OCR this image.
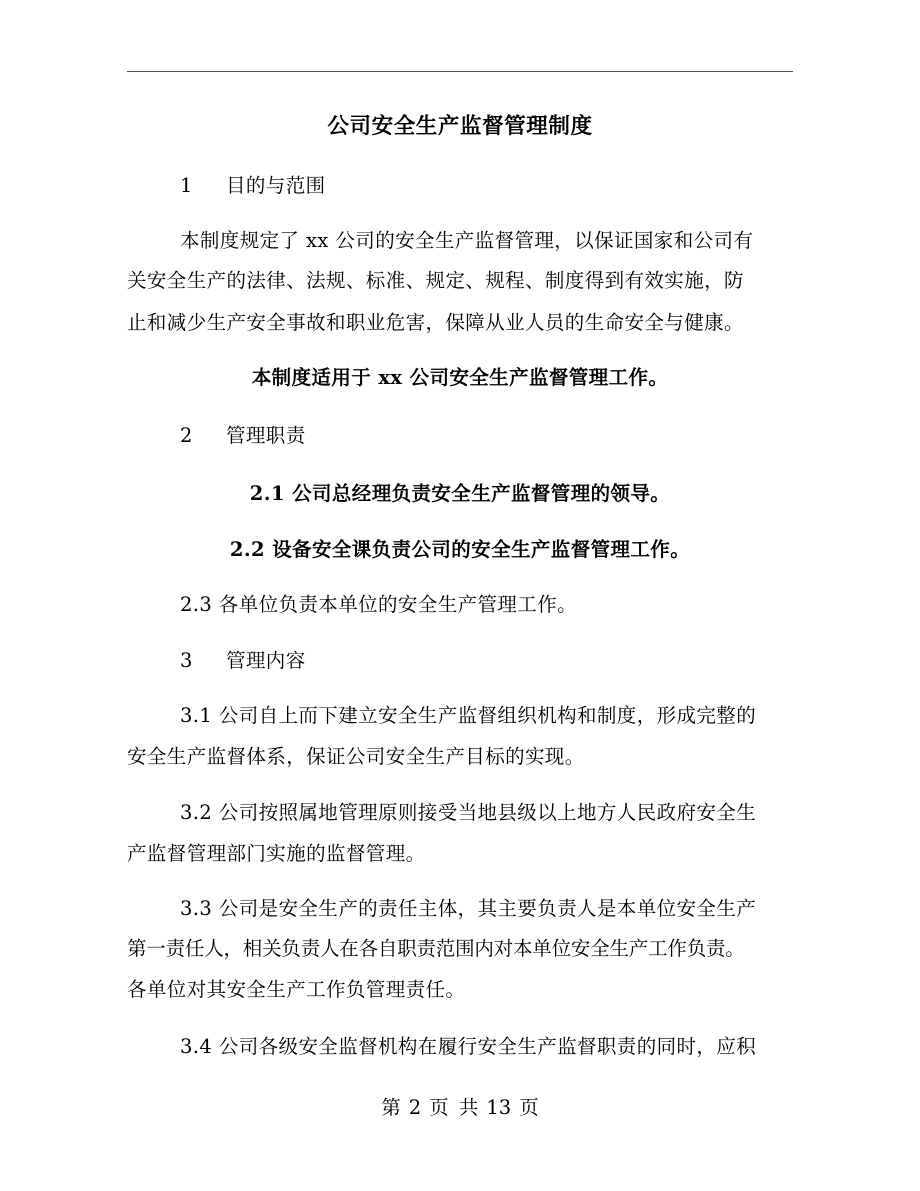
公司安全生产监督管理制度
1 目的与范围
本制度规定了 xx 公司的安全生产监督管理，以保证国家和公司有
关安全生产的法律、法规、标准、规定、规程、制度得到有效实施，防
止和减少生产安全事故和职业危害，保障从业人员的生命安全与健康。
本制度适用于 xx 公司安全生产监督管理工作。
2 管理职责
2.1 公司总经理负责安全生产监督管理的领导。
2.2 设备安全课负责公司的安全生产监督管理工作。
2.3 各单位负责本单位的安全生产管理工作。
3 管理内容
3.1 公司自上而下建立安全生产监督组织机构和制度，形成完整的
安全生产监督体系，保证公司安全生产目标的实现。
3.2 公司按照属地管理原则接受当地县级以上地方人民政府安全生
产监督管理部门实施的监督管理。
3.3 公司是安全生产的责任主体，其主要负责人是本单位安全生产
第一责任人，相关负责人在各自职责范围内对本单位安全生产工作负责。
各单位对其安全生产工作负管理责任。
3.4 公司各级安全监督机构在履行安全生产监督职责的同时，应积
第 2 页 共 13 页
